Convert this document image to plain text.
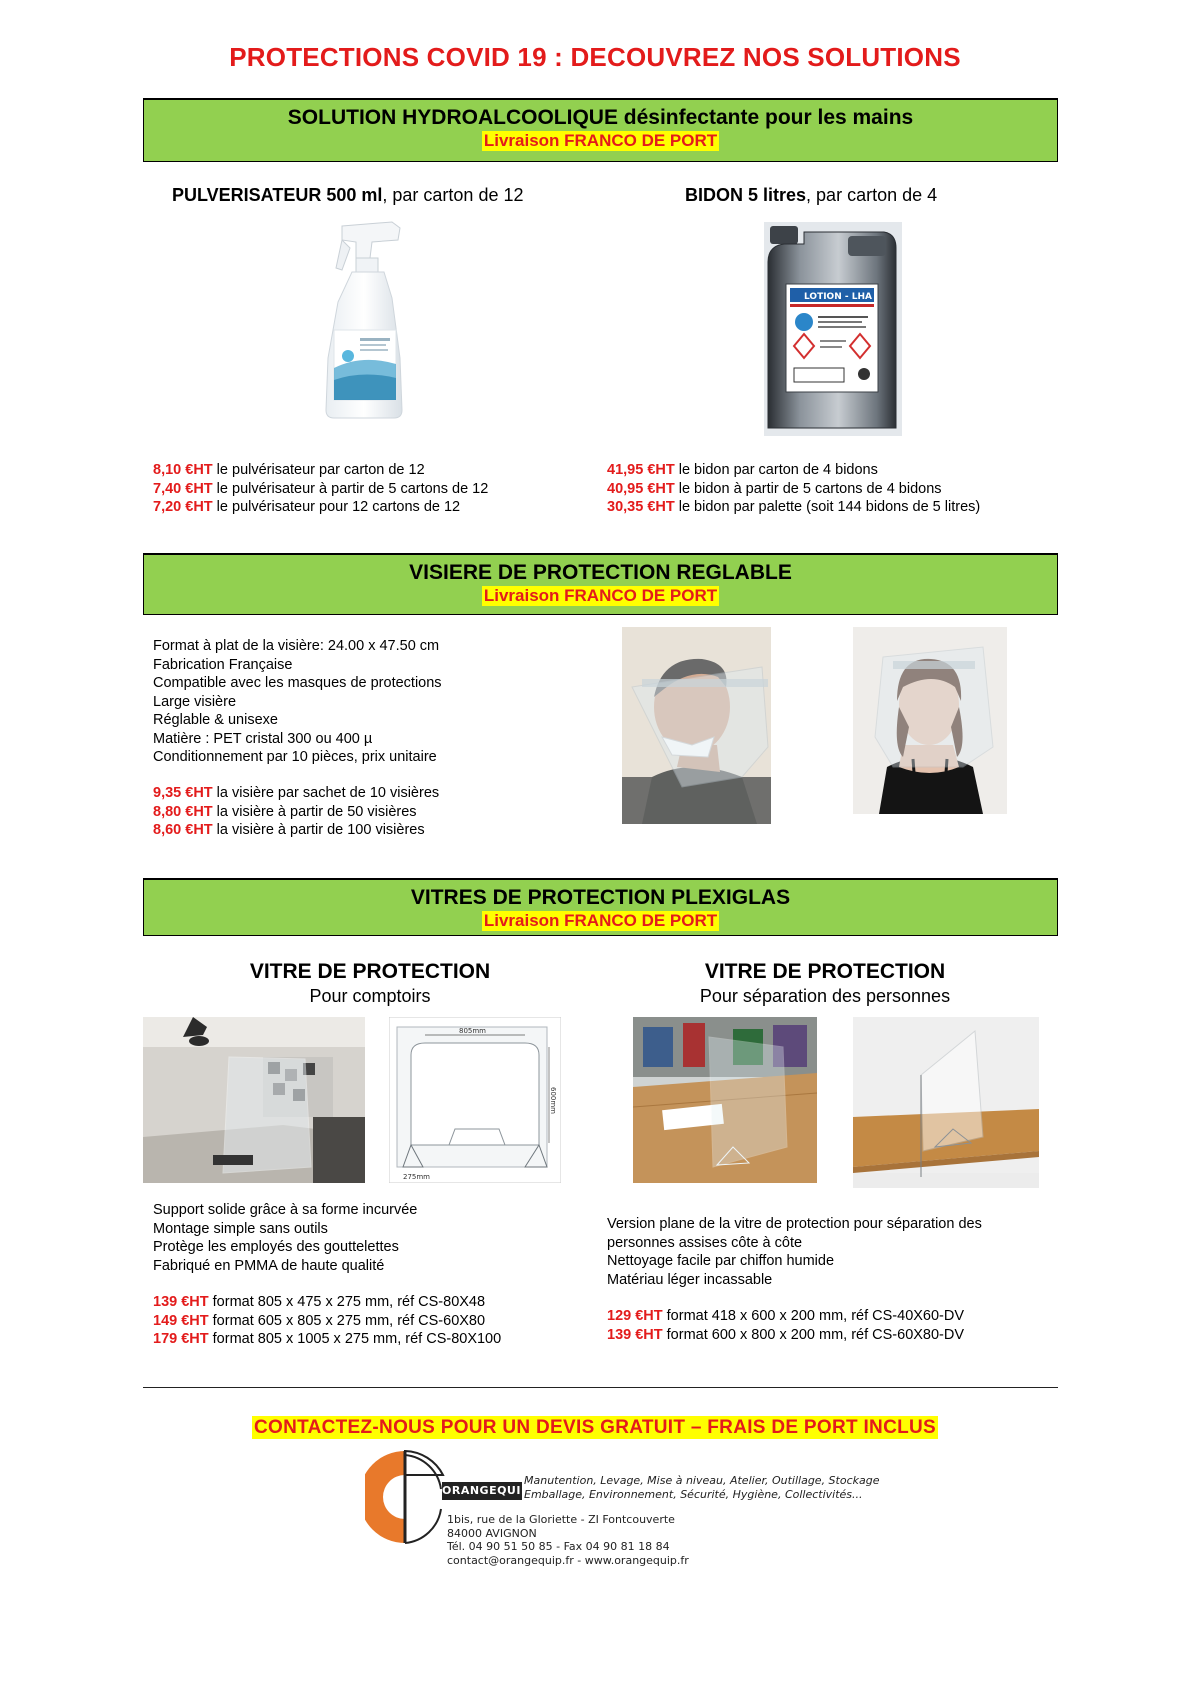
PROTECTIONS COVID 19 : DECOUVREZ NOS SOLUTIONS
SOLUTION HYDROALCOOLIQUE désinfectante pour les mains
Livraison FRANCO DE PORT
PULVERISATEUR 500 ml, par carton de 12	BIDON 5 litres, par carton de 4
LOTION - LHA
8,10 €HT le pulvérisateur par carton de 12
7,40 €HT le pulvérisateur à partir de 5 cartons de 12
7,20 €HT le pulvérisateur pour 12 cartons de 12
41,95 €HT le bidon par carton de 4 bidons
40,95 €HT le bidon à partir de 5 cartons de 4 bidons
30,35 €HT le bidon par palette (soit 144 bidons de 5 litres)
VISIERE DE PROTECTION REGLABLE
Livraison FRANCO DE PORT
Format à plat de la visière: 24.00 x 47.50 cm
Fabrication Française
Compatible avec les masques de protections
Large visière
Réglable & unisexe
Matière : PET cristal 300 ou 400 µ
Conditionnement par 10 pièces, prix unitaire
9,35 €HT la visière par sachet de 10 visières
8,80 €HT la visière à partir de 50 visières
8,60 €HT la visière à partir de 100 visières
VITRES DE PROTECTION PLEXIGLAS
Livraison FRANCO DE PORT
VITRE DE PROTECTION
Pour comptoirs
VITRE DE PROTECTION
Pour séparation des personnes
805mm
600mm
275mm
Support solide grâce à sa forme incurvée
Montage simple sans outils
Protège les employés des gouttelettes
Fabriqué en PMMA de haute qualité
139 €HT format 805 x 475 x 275 mm, réf CS-80X48
149 €HT format 605 x 805 x 275 mm, réf CS-60X80
179 €HT format 805 x 1005 x 275 mm, réf CS-80X100
Version plane de la vitre de protection pour séparation des
personnes assises côte à côte
Nettoyage facile par chiffon humide
Matériau léger incassable
129 €HT format 418 x 600 x 200 mm, réf CS-40X60-DV
139 €HT format 600 x 800 x 200 mm, réf CS-60X80-DV
CONTACTEZ-NOUS POUR UN DEVIS GRATUIT – FRAIS DE PORT INCLUS
ORANGEQUIP
Manutention, Levage, Mise à niveau, Atelier, Outillage, Stockage
Emballage, Environnement, Sécurité, Hygiène, Collectivités...
1bis, rue de la Gloriette - ZI Fontcouverte
84000 AVIGNON
Tél. 04 90 51 50 85 - Fax 04 90 81 18 84
contact@orangequip.fr - www.orangequip.fr
